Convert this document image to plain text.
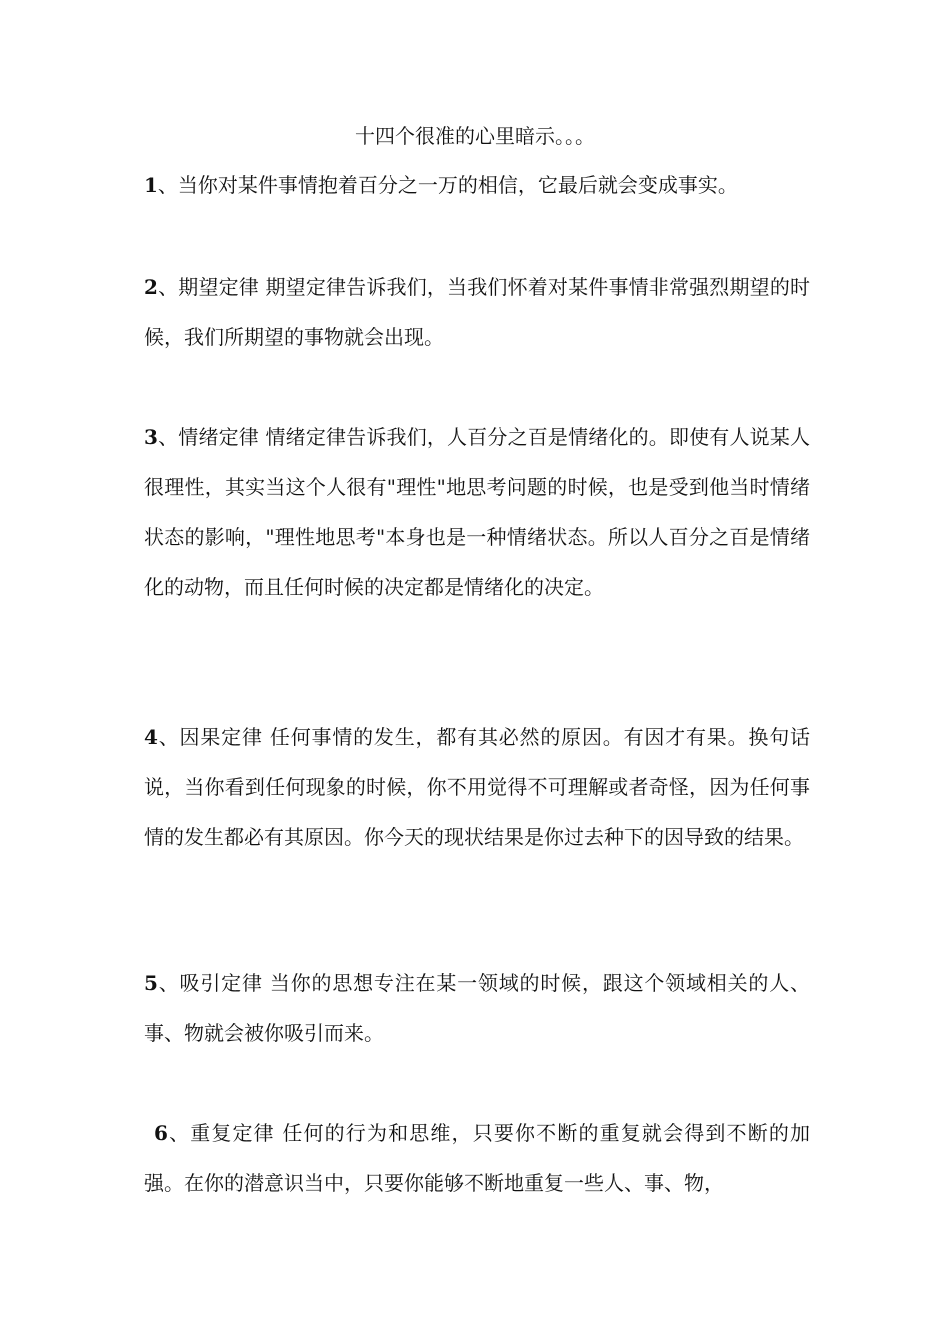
十四个很准的心里暗示。。。

1、当你对某件事情抱着百分之一万的相信，它最后就会变成事实。

2、期望定律 期望定律告诉我们，当我们怀着对某件事情非常强烈期望的时候，我们所期望的事物就会出现。

3、情绪定律 情绪定律告诉我们，人百分之百是情绪化的。即使有人说某人很理性，其实当这个人很有"理性"地思考问题的时候，也是受到他当时情绪状态的影响，"理性地思考"本身也是一种情绪状态。所以人百分之百是情绪化的动物，而且任何时候的决定都是情绪化的决定。

4、因果定律 任何事情的发生，都有其必然的原因。有因才有果。换句话说，当你看到任何现象的时候，你不用觉得不可理解或者奇怪，因为任何事情的发生都必有其原因。你今天的现状结果是你过去种下的因导致的结果。

5、吸引定律 当你的思想专注在某一领域的时候，跟这个领域相关的人、事、物就会被你吸引而来。

6、重复定律 任何的行为和思维，只要你不断的重复就会得到不断的加强。在你的潜意识当中，只要你能够不断地重复一些人、事、物，
